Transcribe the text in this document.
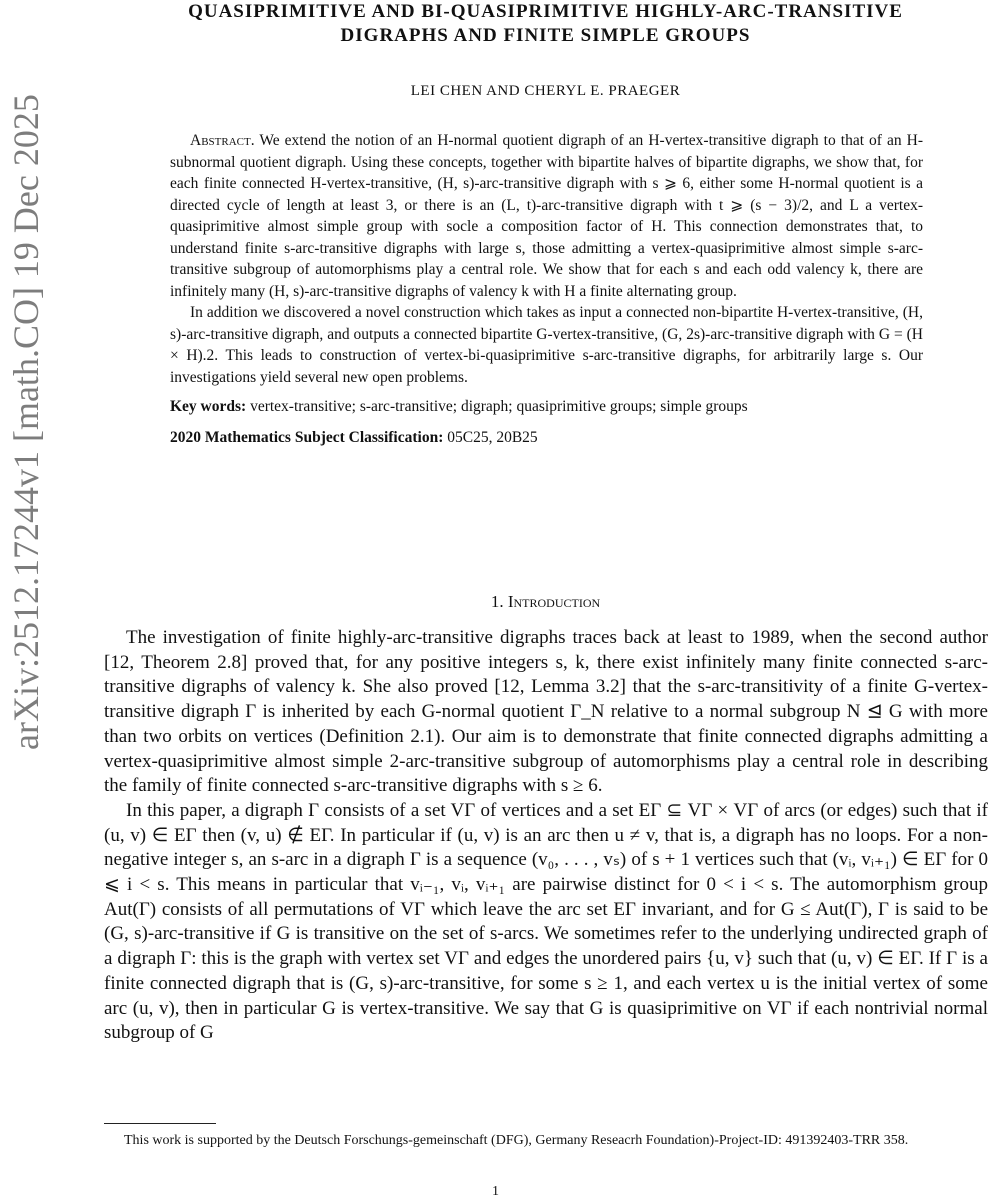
arXiv:2512.17244v1 [math.CO] 19 Dec 2025
QUASIPRIMITIVE AND BI-QUASIPRIMITIVE HIGHLY-ARC-TRANSITIVE
DIGRAPHS AND FINITE SIMPLE GROUPS
LEI CHEN AND CHERYL E. PRAEGER

Abstract. We extend the notion of an H-normal quotient digraph of an H-vertex-transitive digraph to that of an H-subnormal quotient digraph. Using these concepts, together with bipartite halves of bipartite digraphs, we show that, for each finite connected H-vertex-transitive, (H, s)-arc-transitive digraph with s ⩾ 6, either some H-normal quotient is a directed cycle of length at least 3, or there is an (L, t)-arc-transitive digraph with t ⩾ (s − 3)/2, and L a vertex-quasiprimitive almost simple group with socle a composition factor of H. This connection demonstrates that, to understand finite s-arc-transitive digraphs with large s, those admitting a vertex-quasiprimitive almost simple s-arc-transitive subgroup of automorphisms play a central role. We show that for each s and each odd valency k, there are infinitely many (H, s)-arc-transitive digraphs of valency k with H a finite alternating group.

In addition we discovered a novel construction which takes as input a connected non-bipartite H-vertex-transitive, (H, s)-arc-transitive digraph, and outputs a connected bipartite G-vertex-transitive, (G, 2s)-arc-transitive digraph with G = (H × H).2. This leads to construction of vertex-bi-quasiprimitive s-arc-transitive digraphs, for arbitrarily large s. Our investigations yield several new open problems.

Key words: vertex-transitive; s-arc-transitive; digraph; quasiprimitive groups; simple groups

2020 Mathematics Subject Classification: 05C25, 20B25

1. Introduction

The investigation of finite highly-arc-transitive digraphs traces back at least to 1989, when the second author [12, Theorem 2.8] proved that, for any positive integers s, k, there exist infinitely many finite connected s-arc-transitive digraphs of valency k. She also proved [12, Lemma 3.2] that the s-arc-transitivity of a finite G-vertex-transitive digraph Γ is inherited by each G-normal quotient Γ_N relative to a normal subgroup N ⊴ G with more than two orbits on vertices (Definition 2.1). Our aim is to demonstrate that finite connected digraphs admitting a vertex-quasiprimitive almost simple 2-arc-transitive subgroup of automorphisms play a central role in describing the family of finite connected s-arc-transitive digraphs with s ≥ 6.

In this paper, a digraph Γ consists of a set VΓ of vertices and a set EΓ ⊆ VΓ × VΓ of arcs (or edges) such that if (u, v) ∈ EΓ then (v, u) ∉ EΓ. In particular if (u, v) is an arc then u ≠ v, that is, a digraph has no loops. For a non-negative integer s, an s-arc in a digraph Γ is a sequence (v₀, . . . , vₛ) of s + 1 vertices such that (vᵢ, vᵢ₊₁) ∈ EΓ for 0 ⩽ i < s. This means in particular that vᵢ₋₁, vᵢ, vᵢ₊₁ are pairwise distinct for 0 < i < s. The automorphism group Aut(Γ) consists of all permutations of VΓ which leave the arc set EΓ invariant, and for G ≤ Aut(Γ), Γ is said to be (G, s)-arc-transitive if G is transitive on the set of s-arcs. We sometimes refer to the underlying undirected graph of a digraph Γ: this is the graph with vertex set VΓ and edges the unordered pairs {u, v} such that (u, v) ∈ EΓ. If Γ is a finite connected digraph that is (G, s)-arc-transitive, for some s ≥ 1, and each vertex u is the initial vertex of some arc (u, v), then in particular G is vertex-transitive. We say that G is quasiprimitive on VΓ if each nontrivial normal subgroup of G

This work is supported by the Deutsch Forschungs-gemeinschaft (DFG), Germany Reseacrh Foundation)-Project-ID: 491392403-TRR 358.
1
